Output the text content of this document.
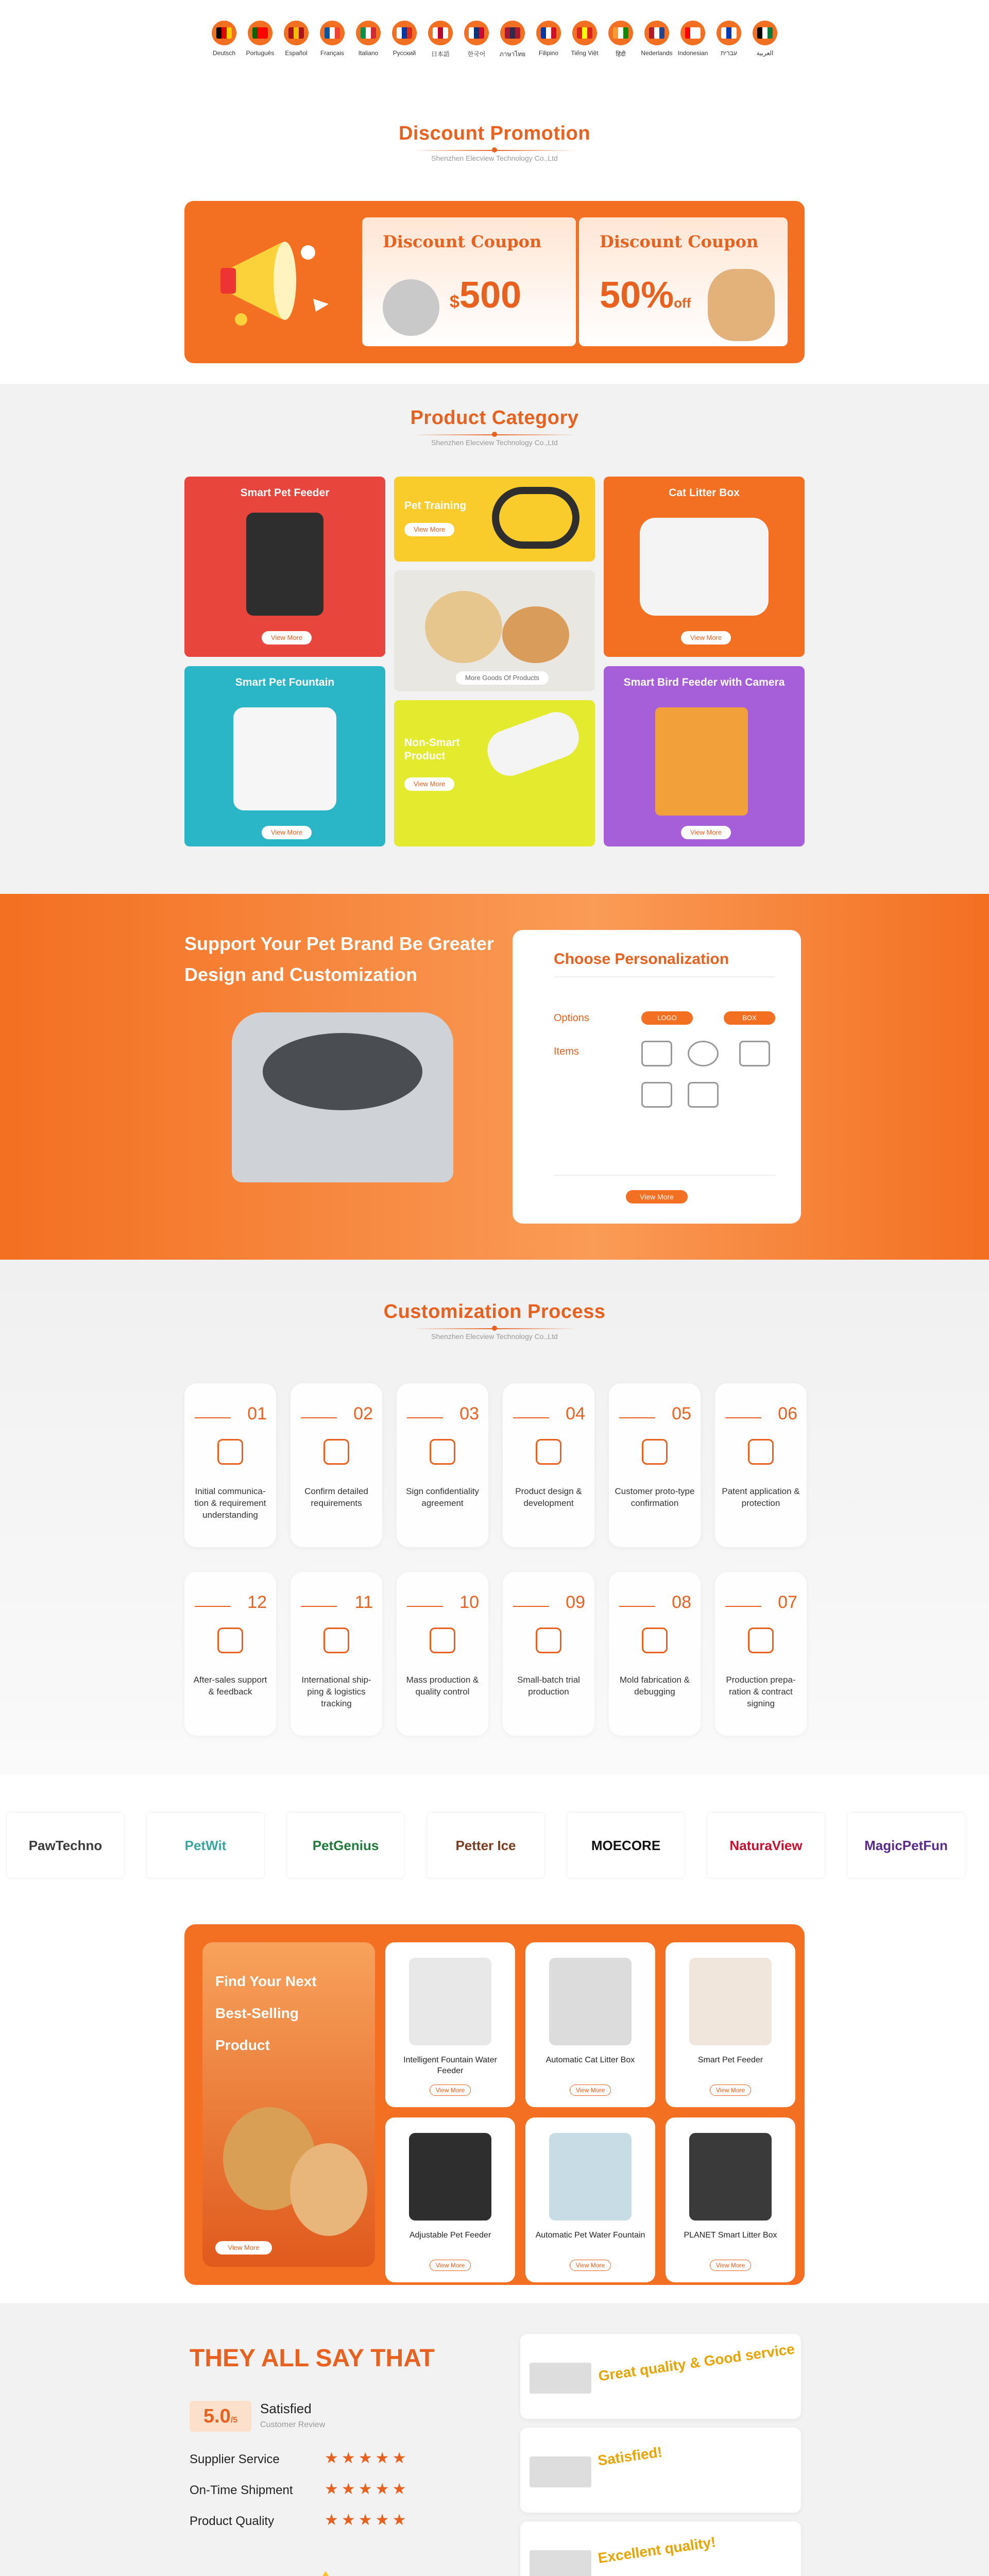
Deutsch Português Español Français Italiano Pусский 日本語	한국어 ภาษาไทย Filipino Tiếng Việt	हिंदी Nederlands Indonesian עברית	العربية
Discount Promotion

Shenzhen Elecview Technology Co.,Ltd

Discount Coupon
$500
Discount Coupon
50%off
Product Category

Shenzhen Elecview Technology Co.,Ltd

Smart Pet Feeder
View More
Pet Training
View More
Cat Litter Box
View More
More Goods Of Products
Smart Pet Fountain
View More
Non-Smart Product
View More
Smart Bird Feeder with Camera
View More
Support Your Pet Brand Be Greater
Design and Customization
Choose Personalization
Options	LOGO	BOX
Items
View More
Customization Process

Shenzhen Elecview Technology Co.,Ltd

01
Initial communica-tion & requirement understanding
02
Confirm detailed requirements
03
Sign confidentiality agreement
04
Product design & development
05
Customer proto-type confirmation
06
Patent application & protection
12
After-sales support & feedback
11
International ship-ping & logistics tracking
10
Mass production & quality control
09
Small-batch trial production
08
Mold fabrication & debugging
07
Production prepa-ration & contract signing
PawTechno	PetWit	PetGenius	Petter Ice	MOECORE	NaturaView	MagicPetFun
Find Your Next
Best-Selling
Product
View More
Intelligent Fountain Water Feeder
View More
Automatic Cat Litter Box
View More
Smart Pet Feeder
View More
Adjustable Pet Feeder
View More
Automatic Pet Water Fountain
View More
PLANET Smart Litter Box
View More
THEY ALL SAY THAT
5.0/5
Satisfied
Customer Review
Supplier Service	★★★★★
On-Time Shipment ★★★★★
Product Quality	★★★★★
Great quality & Good service
Satisfied!
Excellent quality!
